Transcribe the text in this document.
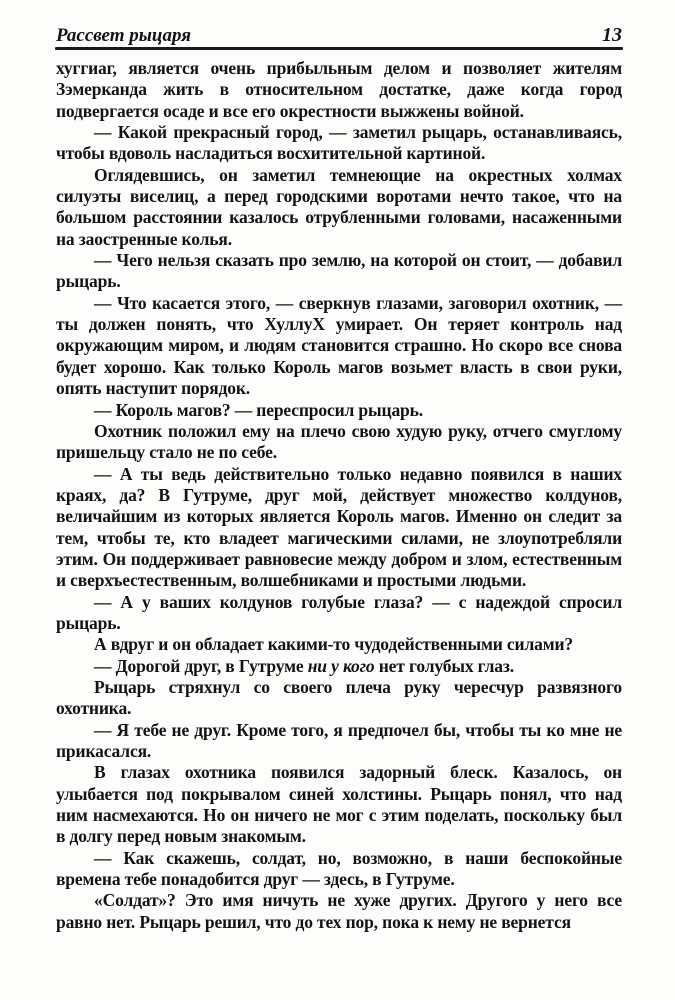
Рассвет рыцаря	13

хуггиаг, является очень прибыльным делом и позволяет жителям Зэмерканда жить в относительном достатке, даже когда город подвергается осаде и все его окрестности выжжены войной.

— Какой прекрасный город, — заметил рыцарь, останавливаясь, чтобы вдоволь насладиться восхитительной картиной.

Оглядевшись, он заметил темнеющие на окрестных холмах силуэты виселиц, а перед городскими воротами нечто такое, что на большом расстоянии казалось отрубленными головами, насаженными на заостренные колья.

— Чего нельзя сказать про землю, на которой он стоит, — добавил рыцарь.

— Что касается этого, — сверкнув глазами, заговорил охотник, — ты должен понять, что ХуллуХ умирает. Он теряет контроль над окружающим миром, и людям становится страшно. Но скоро все снова будет хорошо. Как только Король магов возьмет власть в свои руки, опять наступит порядок.

— Король магов? — переспросил рыцарь.

Охотник положил ему на плечо свою худую руку, отчего смуглому пришельцу стало не по себе.

— А ты ведь действительно только недавно появился в наших краях, да? В Гутруме, друг мой, действует множество колдунов, величайшим из которых является Король магов. Именно он следит за тем, чтобы те, кто владеет магическими силами, не злоупотребляли этим. Он поддерживает равновесие между добром и злом, естественным и сверхъестественным, волшебниками и простыми людьми.

— А у ваших колдунов голубые глаза? — с надеждой спросил рыцарь.

А вдруг и он обладает какими-то чудодейственными силами?

— Дорогой друг, в Гутруме ни у кого нет голубых глаз.

Рыцарь стряхнул со своего плеча руку чересчур развязного охотника.

— Я тебе не друг. Кроме того, я предпочел бы, чтобы ты ко мне не прикасался.

В глазах охотника появился задорный блеск. Казалось, он улыбается под покрывалом синей холстины. Рыцарь понял, что над ним насмехаются. Но он ничего не мог с этим поделать, поскольку был в долгу перед новым знакомым.

— Как скажешь, солдат, но, возможно, в наши беспокойные времена тебе понадобится друг — здесь, в Гутруме.

«Солдат»? Это имя ничуть не хуже других. Другого у него все равно нет. Рыцарь решил, что до тех пор, пока к нему не вернется
